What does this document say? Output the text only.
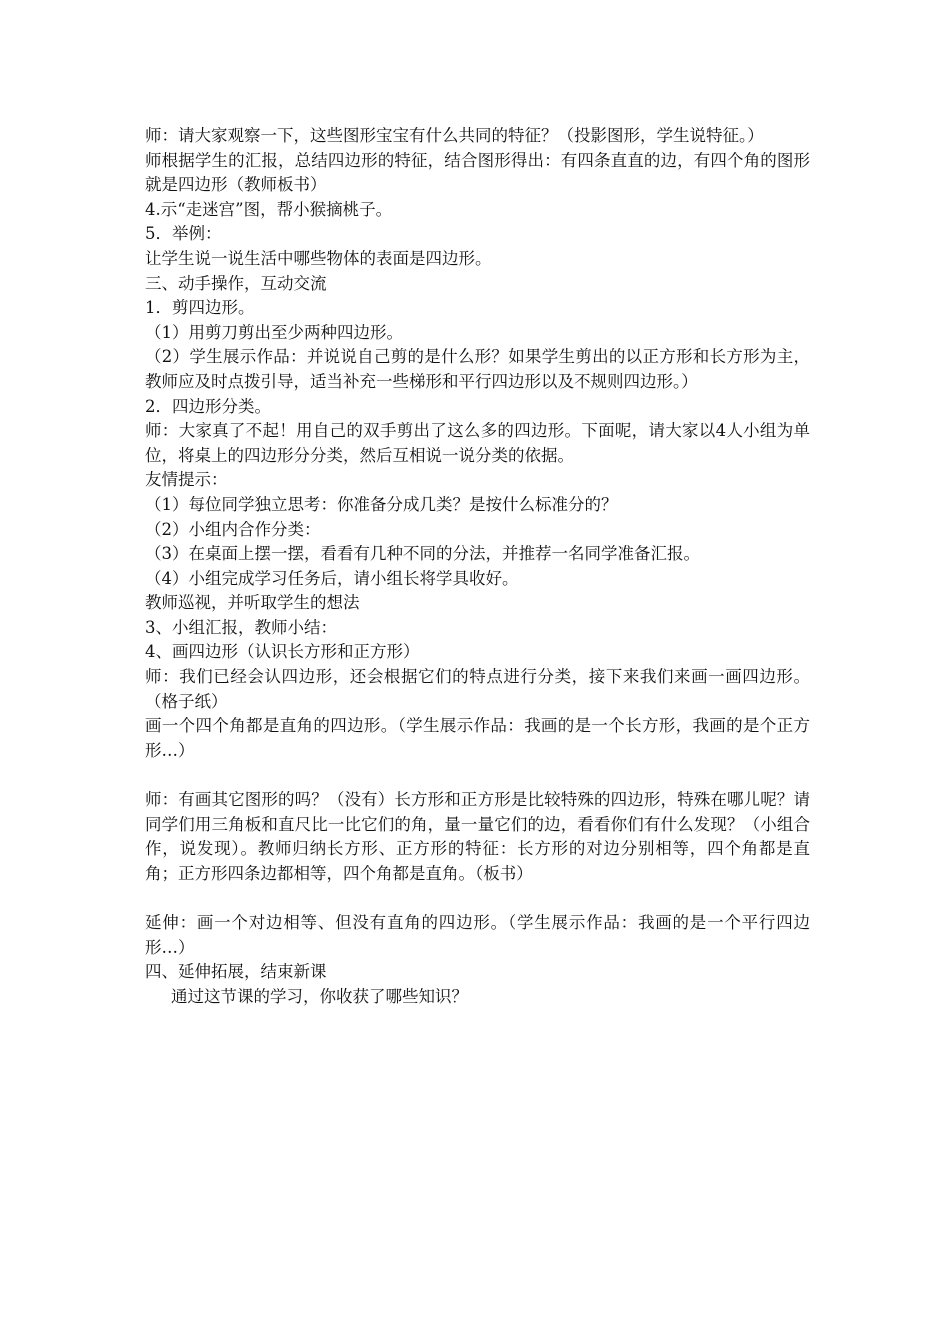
师：请大家观察一下，这些图形宝宝有什么共同的特征？（投影图形，学生说特征。）

师根据学生的汇报，总结四边形的特征，结合图形得出：有四条直直的边，有四个角的图形就是四边形（教师板书）

4.示“走迷宫”图，帮小猴摘桃子。

5．举例：

让学生说一说生活中哪些物体的表面是四边形。

三、动手操作，互动交流

1．剪四边形。

（1）用剪刀剪出至少两种四边形。

（2）学生展示作品：并说说自己剪的是什么形？如果学生剪出的以正方形和长方形为主，教师应及时点拨引导，适当补充一些梯形和平行四边形以及不规则四边形。）

2．四边形分类。

师：大家真了不起！用自己的双手剪出了这么多的四边形。下面呢，请大家以4人小组为单位，将桌上的四边形分分类，然后互相说一说分类的依据。

友情提示：

（1）每位同学独立思考：你准备分成几类？是按什么标准分的？

（2）小组内合作分类：

（3）在桌面上摆一摆，看看有几种不同的分法，并推荐一名同学准备汇报。

（4）小组完成学习任务后，请小组长将学具收好。

教师巡视，并听取学生的想法

3、小组汇报，教师小结：

4、画四边形（认识长方形和正方形）

师：我们已经会认四边形，还会根据它们的特点进行分类，接下来我们来画一画四边形。（格子纸）

画一个四个角都是直角的四边形。（学生展示作品：我画的是一个长方形，我画的是个正方形…）

师：有画其它图形的吗？（没有）长方形和正方形是比较特殊的四边形，特殊在哪儿呢？请同学们用三角板和直尺比一比它们的角，量一量它们的边，看看你们有什么发现？（小组合作，说发现）。教师归纳长方形、正方形的特征：长方形的对边分别相等，四个角都是直角；正方形四条边都相等，四个角都是直角。（板书）

延伸：画一个对边相等、但没有直角的四边形。（学生展示作品：我画的是一个平行四边形…）

四、延伸拓展，结束新课

通过这节课的学习，你收获了哪些知识？
